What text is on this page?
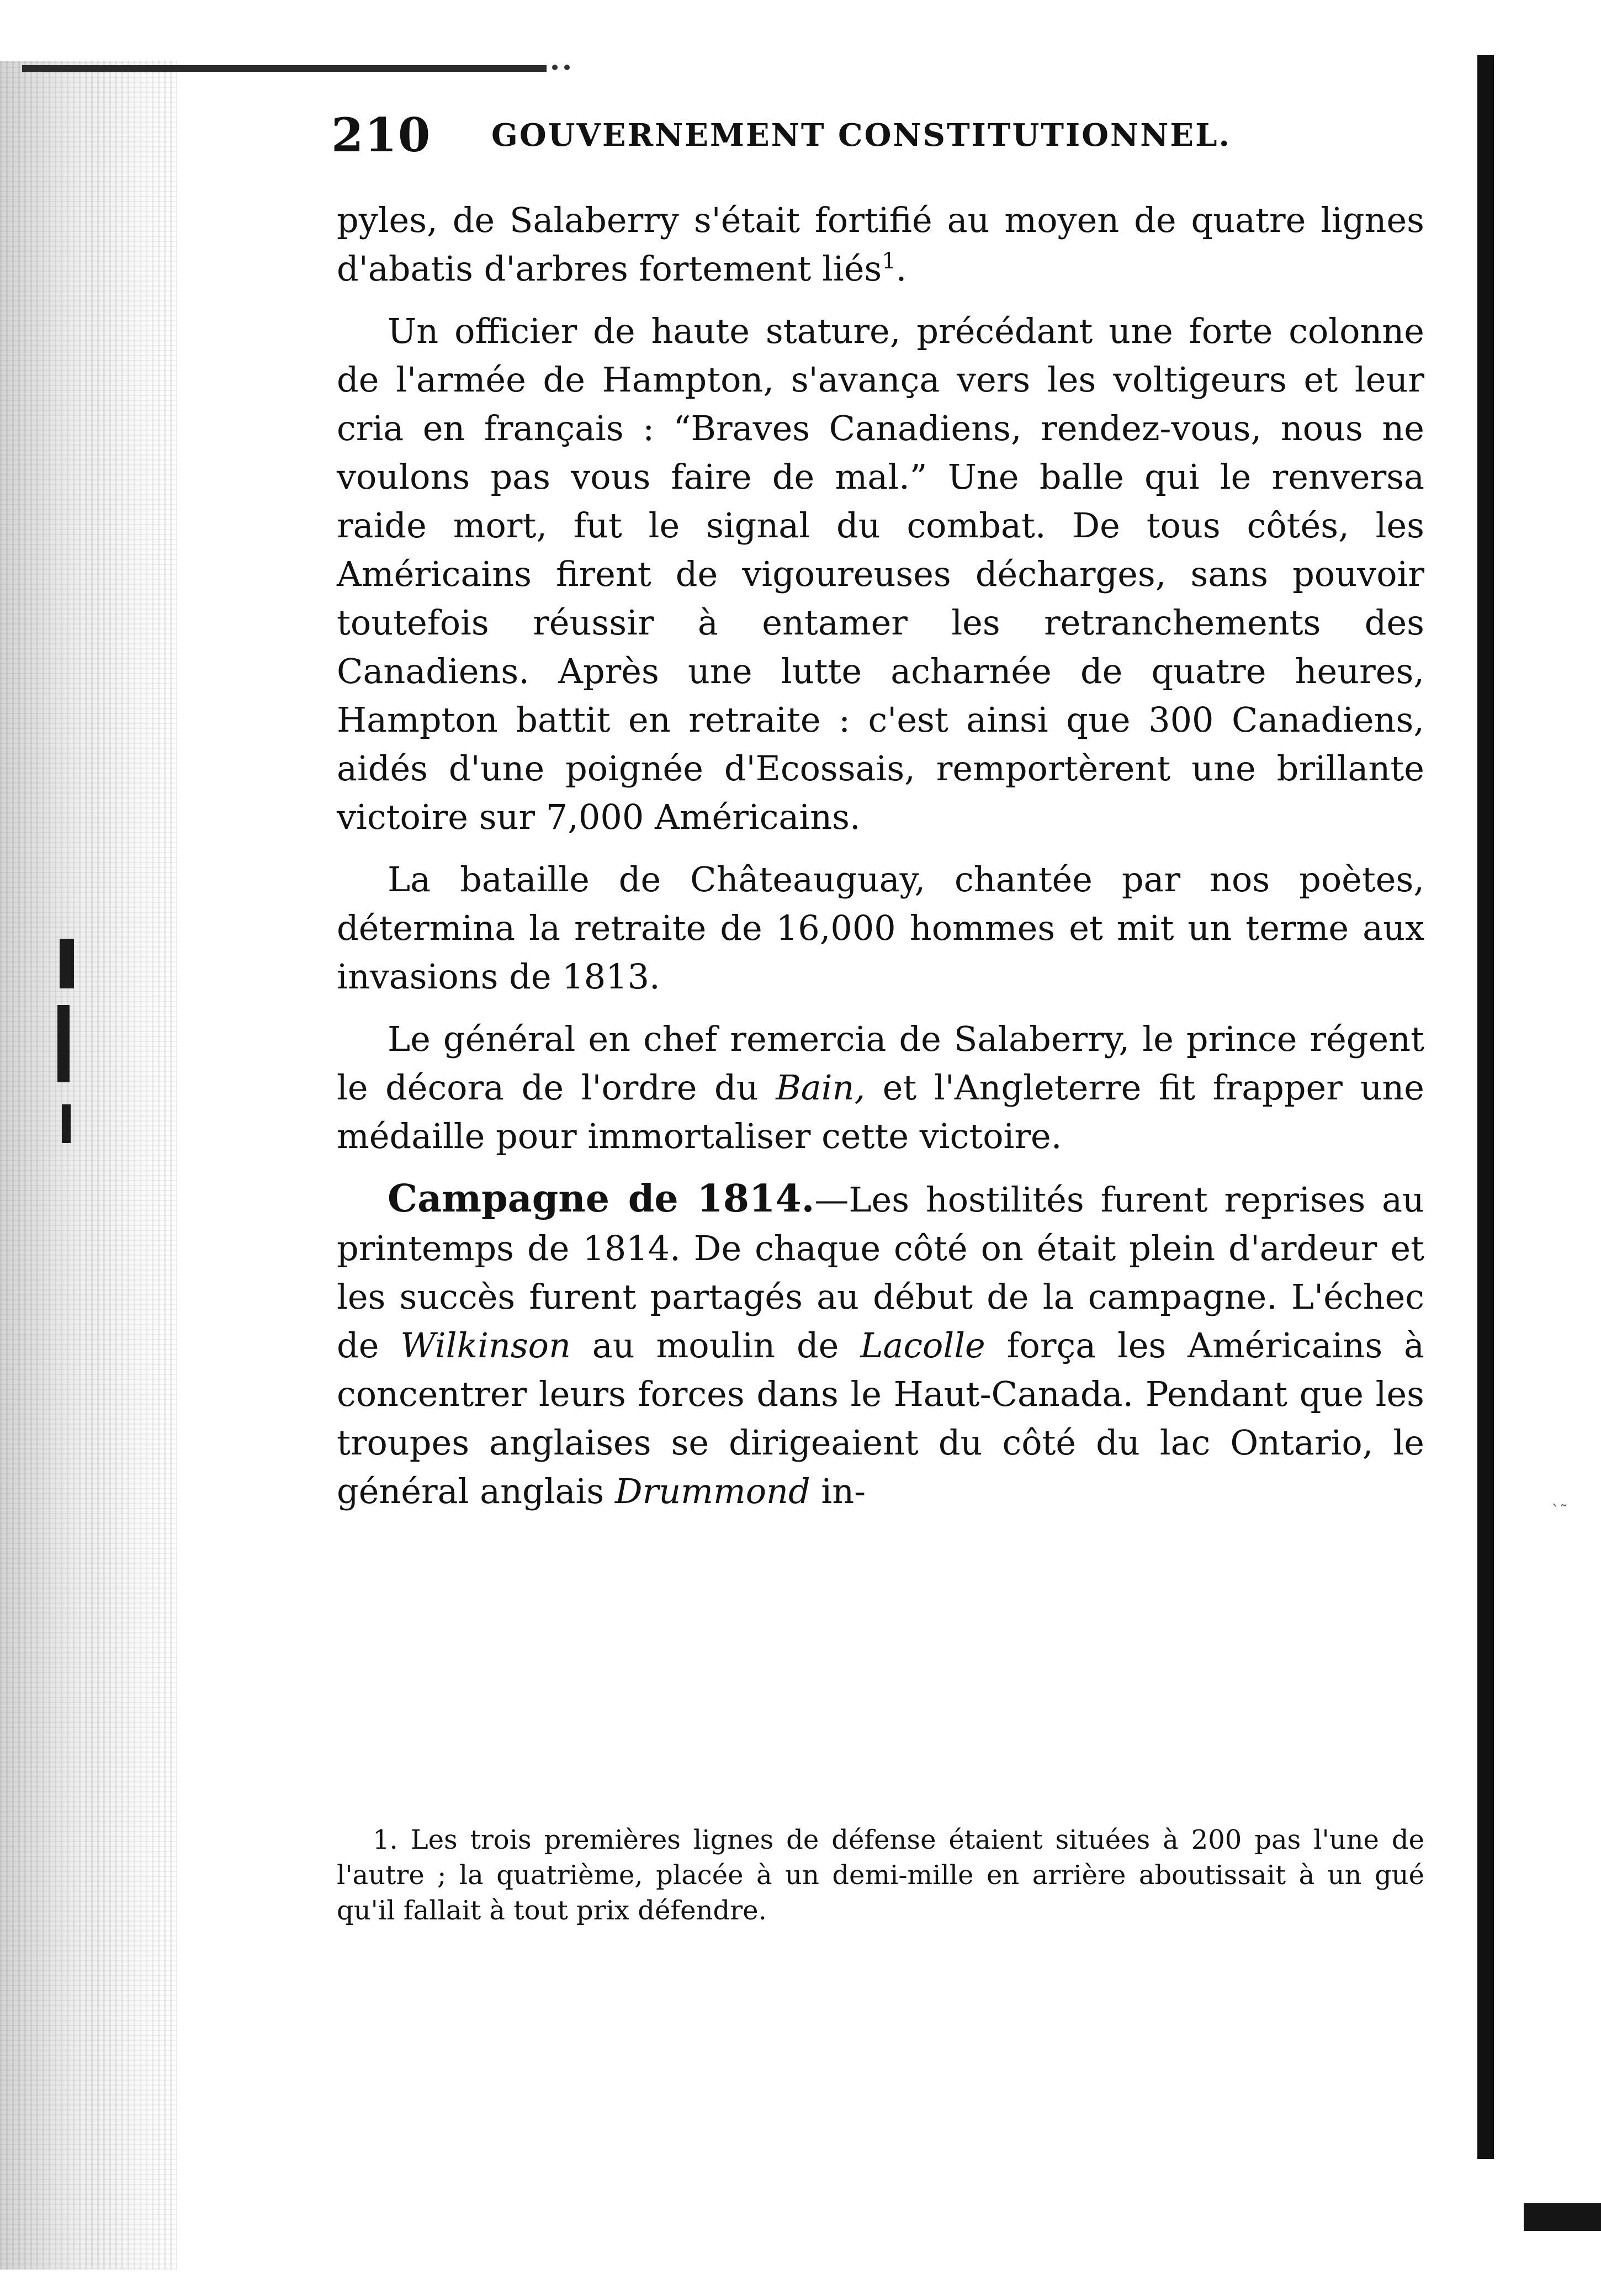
`˜
210 GOUVERNEMENT CONSTITUTIONNEL.

pyles, de Salaberry s'était fortifié au moyen de quatre lignes d'abatis d'arbres fortement liés$^1$.

Un officier de haute stature, précédant une forte colonne de l'armée de Hampton, s'avança vers les voltigeurs et leur cria en français : “Braves Canadiens, rendez-vous, nous ne voulons pas vous faire de mal.” Une balle qui le renversa raide mort, fut le signal du combat. De tous côtés, les Américains firent de vigoureuses décharges, sans pouvoir toutefois réussir à entamer les retranchements des Canadiens. Après une lutte acharnée de quatre heures, Hampton battit en retraite : c'est ainsi que 300 Canadiens, aidés d'une poignée d'Ecossais, remportèrent une brillante victoire sur 7,000 Américains.

La bataille de Châteauguay, chantée par nos poètes, détermina la retraite de 16,000 hommes et mit un terme aux invasions de 1813.

Le général en chef remercia de Salaberry, le prince régent le décora de l'ordre du Bain, et l'Angleterre fit frapper une médaille pour immortaliser cette victoire.

Campagne de 1814.—Les hostilités furent reprises au printemps de 1814. De chaque côté on était plein d'ardeur et les succès furent partagés au début de la campagne. L'échec de Wilkinson au moulin de Lacolle força les Américains à concentrer leurs forces dans le Haut-Canada. Pendant que les troupes anglaises se dirigeaient du côté du lac Ontario, le général anglais Drummond in-

1. Les trois premières lignes de défense étaient situées à 200 pas l'une de l'autre ; la quatrième, placée à un demi-mille en arrière aboutissait à un gué qu'il fallait à tout prix défendre.
